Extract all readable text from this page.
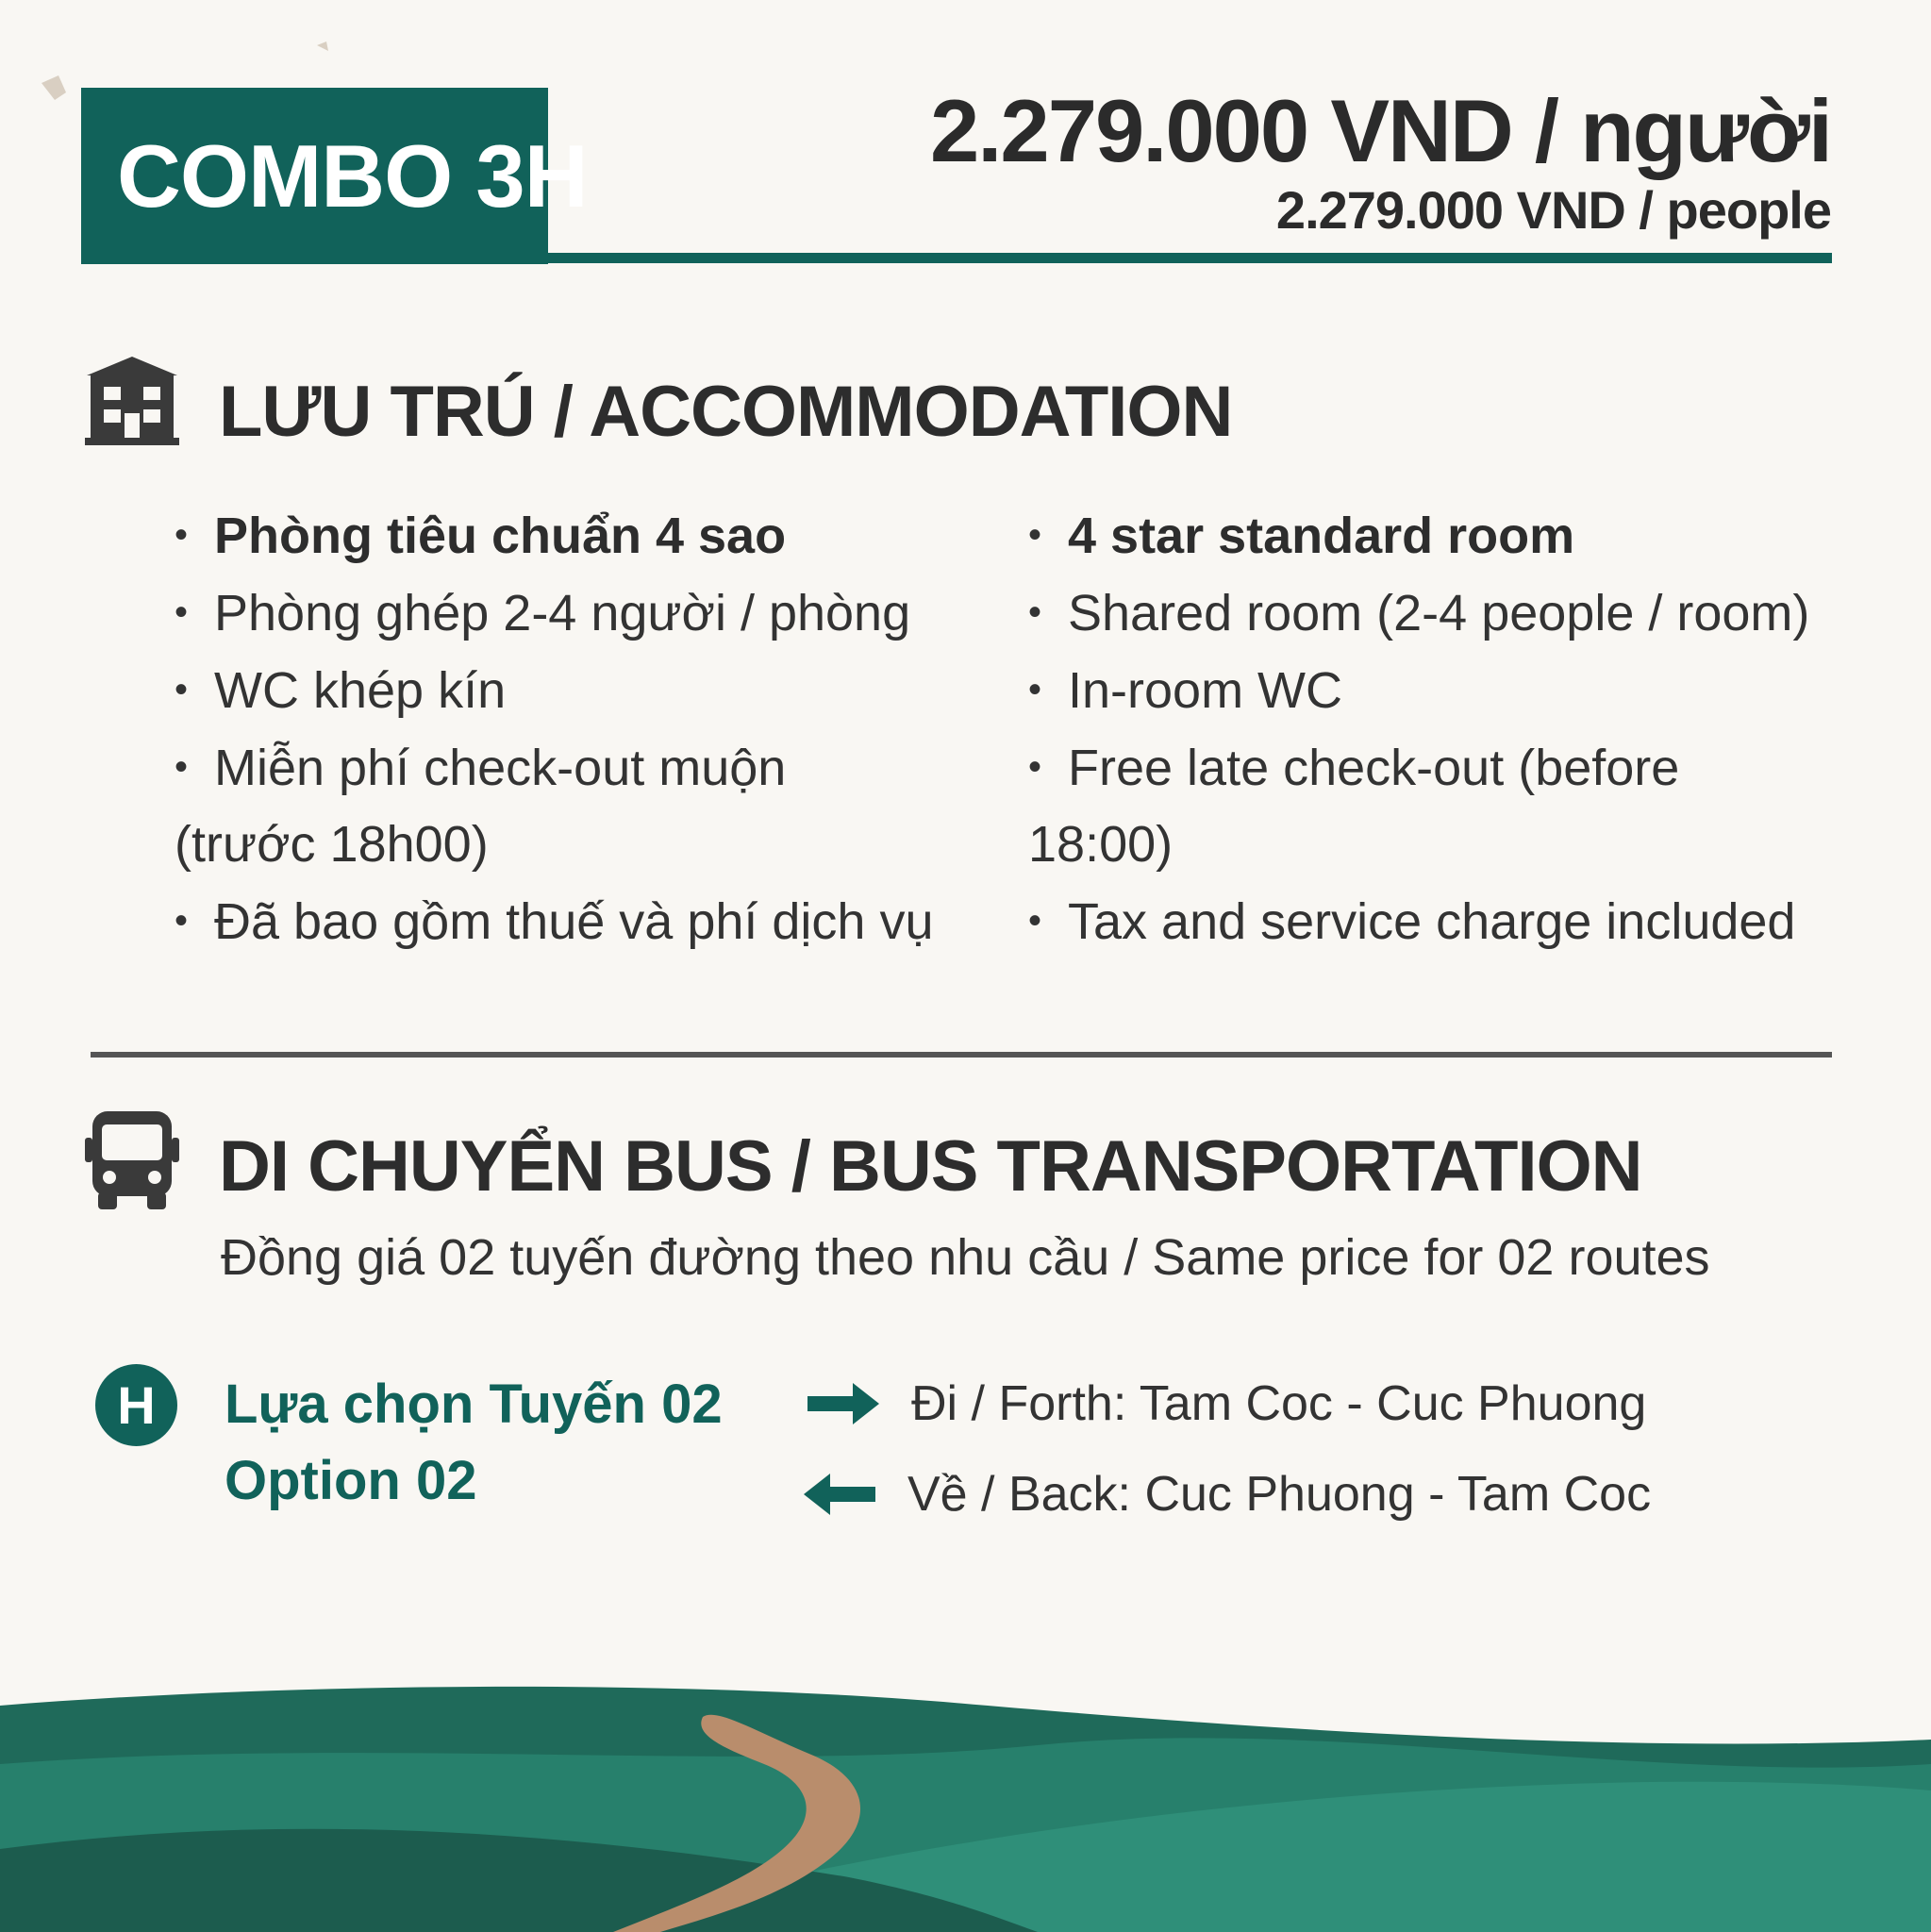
COMBO 3H	2.279.000 VND / người
2.279.000 VND / people
LƯU TRÚ / ACCOMMODATION
• Phòng tiêu chuẩn 4 sao
• Phòng ghép 2-4 người / phòng
• WC khép kín
• Miễn phí check-out muộn
(trước 18h00)
• Đã bao gồm thuế và phí dịch vụ
• 4 star standard room
• Shared room (2-4 people / room)
• In-room WC
• Free late check-out (before
18:00)
• Tax and service charge included
DI CHUYỂN BUS / BUS TRANSPORTATION
Đồng giá 02 tuyến đường theo nhu cầu / Same price for 02 routes
H	Lựa chọn Tuyến 02
Option 02
Đi / Forth: Tam Coc - Cuc Phuong
Về / Back: Cuc Phuong - Tam Coc
